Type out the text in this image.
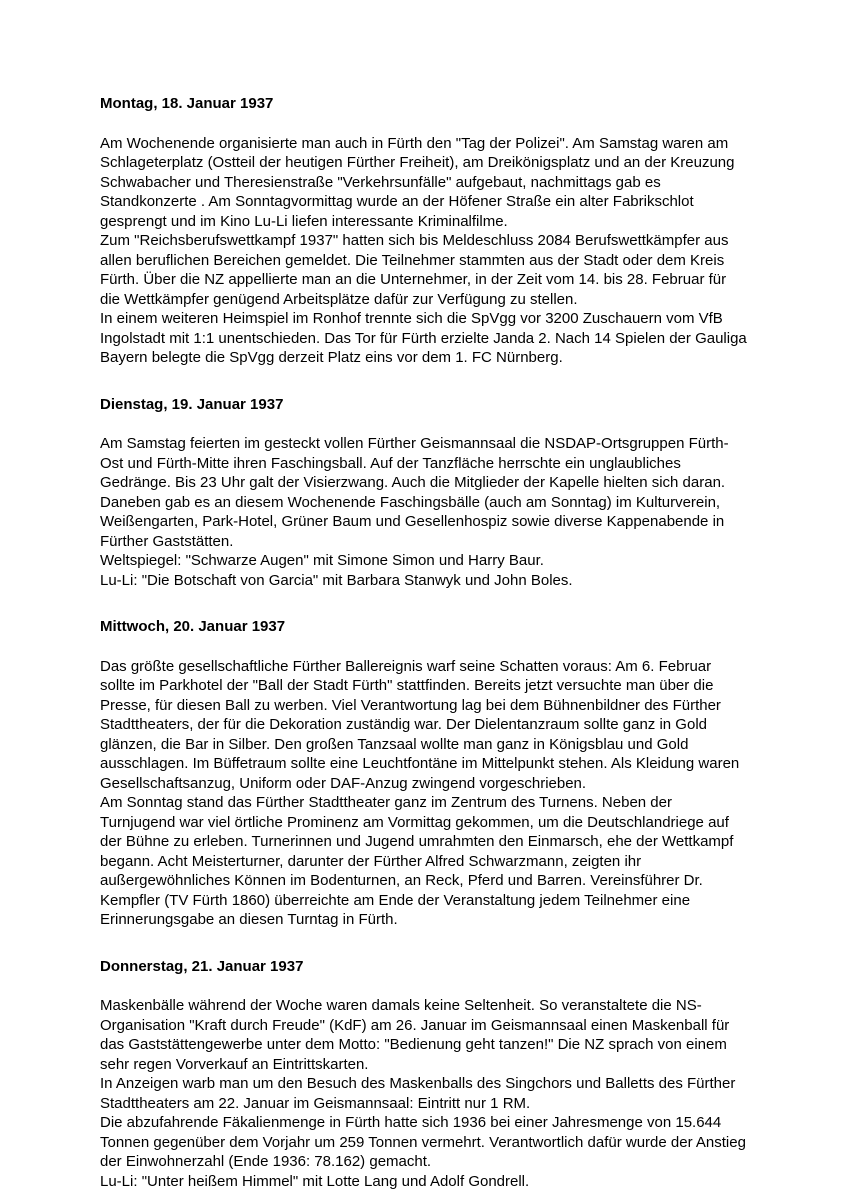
Montag, 18. Januar 1937

Am Wochenende organisierte man auch in Fürth den "Tag der Polizei". Am Samstag waren am Schlageterplatz (Ostteil der heutigen Fürther Freiheit), am Dreikönigsplatz und an der Kreuzung Schwabacher und Theresienstraße "Verkehrsunfälle" aufgebaut, nachmittags gab es Standkonzerte . Am Sonntagvormittag wurde an der Höfener Straße ein alter Fabrikschlot gesprengt und im Kino Lu-Li liefen interessante Kriminalfilme.

Zum "Reichsberufswettkampf 1937" hatten sich bis Meldeschluss 2084 Berufswettkämpfer aus allen beruflichen Bereichen gemeldet. Die Teilnehmer stammten aus der Stadt oder dem Kreis Fürth. Über die NZ appellierte man an die Unternehmer, in der Zeit vom 14. bis 28. Februar für die Wettkämpfer genügend Arbeitsplätze dafür zur Verfügung zu stellen.

In einem weiteren Heimspiel im Ronhof trennte sich die SpVgg vor 3200 Zuschauern vom VfB Ingolstadt mit 1:1 unentschieden. Das Tor für Fürth erzielte Janda 2. Nach 14 Spielen der Gauliga Bayern belegte die SpVgg derzeit Platz eins vor dem 1. FC Nürnberg.

Dienstag, 19. Januar 1937

Am Samstag feierten im gesteckt vollen Fürther Geismannsaal die NSDAP-Ortsgruppen Fürth-Ost und Fürth-Mitte ihren Faschingsball. Auf der Tanzfläche herrschte ein unglaubliches Gedränge. Bis 23 Uhr galt der Visierzwang. Auch die Mitglieder der Kapelle hielten sich daran. Daneben gab es an diesem Wochenende Faschingsbälle (auch am Sonntag) im Kulturverein, Weißengarten, Park-Hotel, Grüner Baum und Gesellenhospiz sowie diverse Kappenabende in Fürther Gaststätten.

Weltspiegel: "Schwarze Augen" mit Simone Simon und Harry Baur.

Lu-Li: "Die Botschaft von Garcia" mit Barbara Stanwyk und John Boles.

Mittwoch, 20. Januar 1937

Das größte gesellschaftliche Fürther Ballereignis warf seine Schatten voraus: Am 6. Februar sollte im Parkhotel der "Ball der Stadt Fürth" stattfinden. Bereits jetzt versuchte man über die Presse, für diesen Ball zu werben. Viel Verantwortung lag bei dem Bühnenbildner des Fürther Stadttheaters, der für die Dekoration zuständig war. Der Dielentanzraum sollte ganz in Gold glänzen, die Bar in Silber. Den großen Tanzsaal wollte man ganz in Königsblau und Gold ausschlagen. Im Büffetraum sollte eine Leuchtfontäne im Mittelpunkt stehen. Als Kleidung waren Gesellschaftsanzug, Uniform oder DAF-Anzug zwingend vorgeschrieben.

Am Sonntag stand das Fürther Stadttheater ganz im Zentrum des Turnens. Neben der Turnjugend war viel örtliche Prominenz am Vormittag gekommen, um die Deutschlandriege auf der Bühne zu erleben. Turnerinnen und Jugend umrahmten den Einmarsch, ehe der Wettkampf begann. Acht Meisterturner, darunter der Fürther Alfred Schwarzmann, zeigten ihr außergewöhnliches Können im Bodenturnen, an Reck, Pferd und Barren. Vereinsführer Dr. Kempfler (TV Fürth 1860) überreichte am Ende der Veranstaltung jedem Teilnehmer eine Erinnerungsgabe an diesen Turntag in Fürth.

Donnerstag, 21. Januar 1937

Maskenbälle während der Woche waren damals keine Seltenheit. So veranstaltete die NS-Organisation "Kraft durch Freude" (KdF) am 26. Januar im Geismannsaal einen Maskenball für das Gaststättengewerbe unter dem Motto: "Bedienung geht tanzen!" Die NZ sprach von einem sehr regen Vorverkauf an Eintrittskarten.

In Anzeigen warb man um den Besuch des Maskenballs des Singchors und Balletts des Fürther Stadttheaters am 22. Januar im Geismannsaal: Eintritt nur 1 RM.

Die abzufahrende Fäkalienmenge in Fürth hatte sich 1936 bei einer Jahresmenge von 15.644 Tonnen gegenüber dem Vorjahr um 259 Tonnen vermehrt. Verantwortlich dafür wurde der Anstieg der Einwohnerzahl (Ende 1936: 78.162) gemacht.

Lu-Li: "Unter heißem Himmel" mit Lotte Lang und Adolf Gondrell.
